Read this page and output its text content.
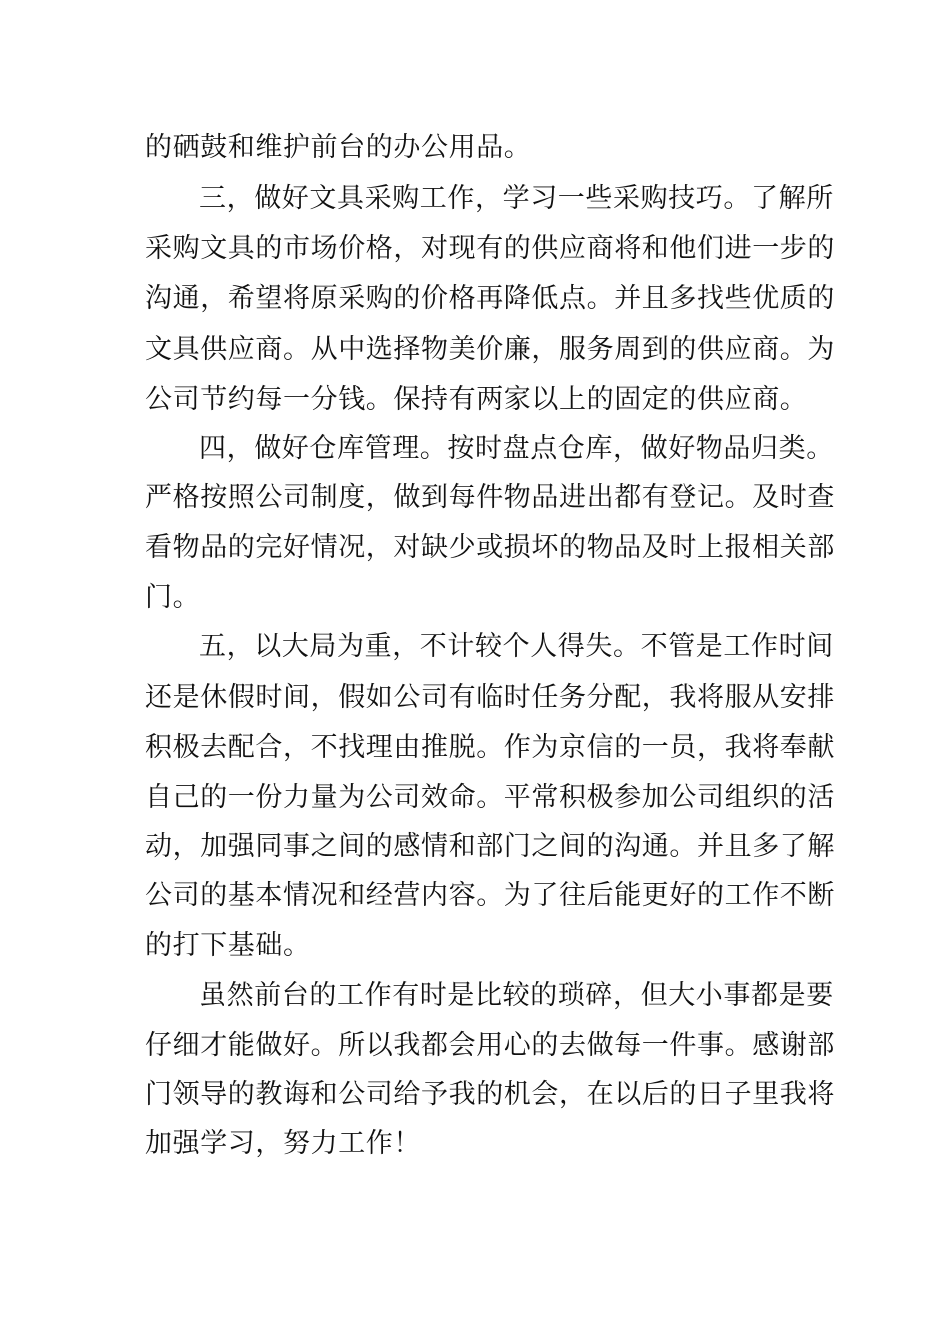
的硒鼓和维护前台的办公用品。
三，做好文具采购工作，学习一些采购技巧。了解所
采购文具的市场价格，对现有的供应商将和他们进一步的
沟通，希望将原采购的价格再降低点。并且多找些优质的
文具供应商。从中选择物美价廉，服务周到的供应商。为
公司节约每一分钱。保持有两家以上的固定的供应商。
四，做好仓库管理。按时盘点仓库，做好物品归类。
严格按照公司制度，做到每件物品进出都有登记。及时查
看物品的完好情况，对缺少或损坏的物品及时上报相关部
门。
五，以大局为重，不计较个人得失。不管是工作时间
还是休假时间，假如公司有临时任务分配，我将服从安排
积极去配合，不找理由推脱。作为京信的一员，我将奉献
自己的一份力量为公司效命。平常积极参加公司组织的活
动，加强同事之间的感情和部门之间的沟通。并且多了解
公司的基本情况和经营内容。为了往后能更好的工作不断
的打下基础。
虽然前台的工作有时是比较的琐碎，但大小事都是要
仔细才能做好。所以我都会用心的去做每一件事。感谢部
门领导的教诲和公司给予我的机会，在以后的日子里我将
加强学习，努力工作！
